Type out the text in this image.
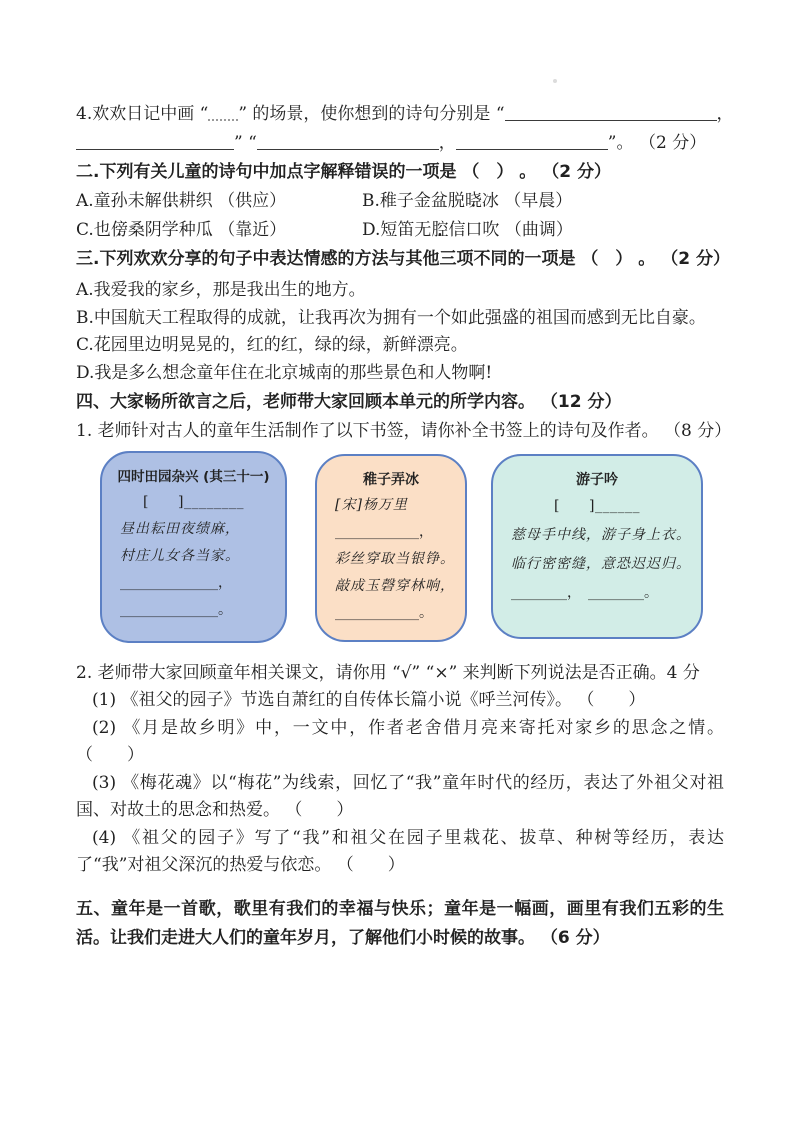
4.欢欢日记中画 “ ” 的场景，使你想到的诗句分别是 “	，

” “	，	”。 （2 分）

二.下列有关儿童的诗句中加点字解释错误的一项是 （　） 。 （2 分）

A.童孙未解供 •耕织 （供应）	B.稚子金盆脱晓 •冰 （早晨）

C.也傍 •桑阴学种瓜 （靠近）	D.短笛无腔 •信口吹 （曲调）

三.下列欢欢分享的句子中表达情感的方法与其他三项不同的一项是 （　） 。 （2 分）

A.我爱我的家乡，那是我出生的地方。

B.中国航天工程取得的成就，让我再次为拥有一个如此强盛的祖国而感到无比自豪。

C.花园里边明晃晃的，红的红，绿的绿，新鲜漂亮。

D.我是多么想念童年住在北京城南的那些景色和人物啊!

四、大家畅所欲言之后，老师带大家回顾本单元的所学内容。 （12 分）

1. 老师针对古人的童年生活制作了以下书签，请你补全书签上的诗句及作者。 （8 分）

四时田园杂兴 (其三十一)
[　　]________
昼出耘田夜绩麻，
村庄儿女各当家。
______________，
______________。
稚子弄冰
[宋]杨万里
____________，
彩丝穿取当银铮。
敲成玉磬穿林响，
____________。
游子吟
[　　]______
慈母手中线，游子身上衣。
临行密密缝，意恐迟迟归。
________，　________。

2. 老师带大家回顾童年相关课文，请你用 “√” “×” 来判断下列说法是否正确。4 分

(1) 《祖父的园子》节选自萧红的自传体长篇小说《呼兰河传》。 （　　）

(2) 《月是故乡明》中，一文中，作者老舍借月亮来寄托对家乡的思念之情。 （　　）

(3) 《梅花魂》以“梅花”为线索，回忆了“我”童年时代的经历，表达了外祖父对祖国、对故土的思念和热爱。 （　　）

(4) 《祖父的园子》写了“我”和祖父在园子里栽花、拔草、种树等经历，表达了“我”对祖父深沉的热爱与依恋。 （　　）

五、童年是一首歌，歌里有我们的幸福与快乐；童年是一幅画，画里有我们五彩的生活。让我们走进大人们的童年岁月，了解他们小时候的故事。 （6 分）
